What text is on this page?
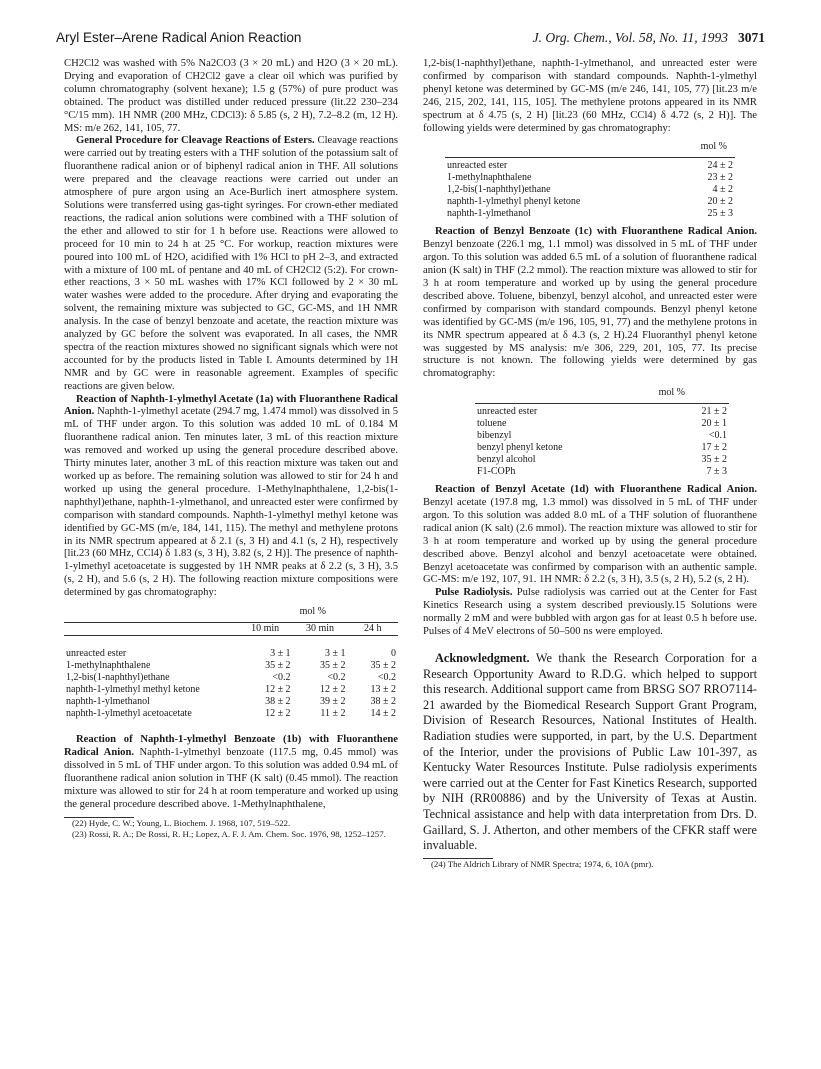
Aryl Ester–Arene Radical Anion Reaction	J. Org. Chem., Vol. 58, No. 11, 1993 3071

CH2Cl2 was washed with 5% Na2CO3 (3 × 20 mL) and H2O (3 × 20 mL). Drying and evaporation of CH2Cl2 gave a clear oil which was purified by column chromatography (solvent hexane); 1.5 g (57%) of pure product was obtained. The product was distilled under reduced pressure (lit.22 230–234 °C/15 mm). 1H NMR (200 MHz, CDCl3): δ 5.85 (s, 2 H), 7.2–8.2 (m, 12 H). MS: m/e 262, 141, 105, 77.

General Procedure for Cleavage Reactions of Esters. Cleavage reactions were carried out by treating esters with a THF solution of the potassium salt of fluoranthene radical anion or of biphenyl radical anion in THF. All solutions were prepared and the cleavage reactions were carried out under an atmosphere of pure argon using an Ace-Burlich inert atmosphere system. Solutions were transferred using gas-tight syringes. For crown-ether mediated reactions, the radical anion solutions were combined with a THF solution of the ether and allowed to stir for 1 h before use. Reactions were allowed to proceed for 10 min to 24 h at 25 °C. For workup, reaction mixtures were poured into 100 mL of H2O, acidified with 1% HCl to pH 2–3, and extracted with a mixture of 100 mL of pentane and 40 mL of CH2Cl2 (5:2). For crown-ether reactions, 3 × 50 mL washes with 17% KCl followed by 2 × 30 mL water washes were added to the procedure. After drying and evaporating the solvent, the remaining mixture was subjected to GC, GC-MS, and 1H NMR analysis. In the case of benzyl benzoate and acetate, the reaction mixture was analyzed by GC before the solvent was evaporated. In all cases, the NMR spectra of the reaction mixtures showed no significant signals which were not accounted for by the products listed in Table I. Amounts determined by 1H NMR and by GC were in reasonable agreement. Examples of specific reactions are given below.

Reaction of Naphth-1-ylmethyl Acetate (1a) with Fluoranthene Radical Anion. Naphth-1-ylmethyl acetate (294.7 mg, 1.474 mmol) was dissolved in 5 mL of THF under argon. To this solution was added 10 mL of 0.184 M fluoranthene radical anion. Ten minutes later, 3 mL of this reaction mixture was removed and worked up using the general procedure described above. Thirty minutes later, another 3 mL of this reaction mixture was taken out and worked up as before. The remaining solution was allowed to stir for 24 h and worked up using the general procedure. 1-Methylnaphthalene, 1,2-bis(1-naphthyl)ethane, naphth-1-ylmethanol, and unreacted ester were confirmed by comparison with standard compounds. Naphth-1-ylmethyl methyl ketone was identified by GC-MS (m/e, 184, 141, 115). The methyl and methylene protons in its NMR spectrum appeared at δ 2.1 (s, 3 H) and 4.1 (s, 2 H), respectively [lit.23 (60 MHz, CCl4) δ 1.83 (s, 3 H), 3.82 (s, 2 H)]. The presence of naphth-1-ylmethyl acetoacetate is suggested by 1H NMR peaks at δ 2.2 (s, 3 H), 3.5 (s, 2 H), and 5.6 (s, 2 H). The following reaction mixture compositions were determined by gas chromatography:

mol %
	10 min	30 min	24 h

unreacted ester	3 ± 1	3 ± 1	0
1-methylnaphthalene	35 ± 2	35 ± 2	35 ± 2
1,2-bis(1-naphthyl)ethane	<0.2	<0.2	<0.2
naphth-1-ylmethyl methyl ketone	12 ± 2	12 ± 2	13 ± 2
naphth-1-ylmethanol	38 ± 2	39 ± 2	38 ± 2
naphth-1-ylmethyl acetoacetate	12 ± 2	11 ± 2	14 ± 2

Reaction of Naphth-1-ylmethyl Benzoate (1b) with Fluoranthene Radical Anion. Naphth-1-ylmethyl benzoate (117.5 mg, 0.45 mmol) was dissolved in 5 mL of THF under argon. To this solution was added 0.94 mL of fluoranthene radical anion solution in THF (K salt) (0.45 mmol). The reaction mixture was allowed to stir for 24 h at room temperature and worked up using the general procedure described above. 1-Methylnaphthalene,

(22) Hyde, C. W.; Young, L. Biochem. J. 1968, 107, 519–522.
(23) Rossi, R. A.; De Rossi, R. H.; Lopez, A. F. J. Am. Chem. Soc. 1976, 98, 1252–1257.

1,2-bis(1-naphthyl)ethane, naphth-1-ylmethanol, and unreacted ester were confirmed by comparison with standard compounds. Naphth-1-ylmethyl phenyl ketone was determined by GC-MS (m/e 246, 141, 105, 77) [lit.23 m/e 246, 215, 202, 141, 115, 105]. The methylene protons appeared in its NMR spectrum at δ 4.75 (s, 2 H) [lit.23 (60 MHz, CCl4) δ 4.72 (s, 2 H)]. The following yields were determined by gas chromatography:

mol %

unreacted ester	24 ± 2
1-methylnaphthalene	23 ± 2
1,2-bis(1-naphthyl)ethane	4 ± 2
naphth-1-ylmethyl phenyl ketone	20 ± 2
naphth-1-ylmethanol	25 ± 3

Reaction of Benzyl Benzoate (1c) with Fluoranthene Radical Anion. Benzyl benzoate (226.1 mg, 1.1 mmol) was dissolved in 5 mL of THF under argon. To this solution was added 6.5 mL of a solution of fluoranthene radical anion (K salt) in THF (2.2 mmol). The reaction mixture was allowed to stir for 3 h at room temperature and worked up by using the general procedure described above. Toluene, bibenzyl, benzyl alcohol, and unreacted ester were confirmed by comparison with standard compounds. Benzyl phenyl ketone was identified by GC-MS (m/e 196, 105, 91, 77) and the methylene protons in its NMR spectrum appeared at δ 4.3 (s, 2 H).24 Fluoranthyl phenyl ketone was suggested by MS analysis: m/e 306, 229, 201, 105, 77. Its precise structure is not known. The following yields were determined by gas chromatography:

mol %

unreacted ester	21 ± 2
toluene	20 ± 1
bibenzyl	<0.1
benzyl phenyl ketone	17 ± 2
benzyl alcohol	35 ± 2
F1-COPh	7 ± 3

Reaction of Benzyl Acetate (1d) with Fluoranthene Radical Anion. Benzyl acetate (197.8 mg, 1.3 mmol) was dissolved in 5 mL of THF under argon. To this solution was added 8.0 mL of a THF solution of fluoranthene radical anion (K salt) (2.6 mmol). The reaction mixture was allowed to stir for 3 h at room temperature and worked up by using the general procedure described above. Benzyl alcohol and benzyl acetoacetate were obtained. Benzyl acetoacetate was confirmed by comparison with an authentic sample. GC-MS: m/e 192, 107, 91. 1H NMR: δ 2.2 (s, 3 H), 3.5 (s, 2 H), 5.2 (s, 2 H).

Pulse Radiolysis. Pulse radiolysis was carried out at the Center for Fast Kinetics Research using a system described previously.15 Solutions were normally 2 mM and were bubbled with argon gas for at least 0.5 h before use. Pulses of 4 MeV electrons of 50–500 ns were employed.

Acknowledgment. We thank the Research Corporation for a Research Opportunity Award to R.D.G. which helped to support this research. Additional support came from BRSG SO7 RRO7114-21 awarded by the Biomedical Research Support Grant Program, Division of Research Resources, National Institutes of Health. Radiation studies were supported, in part, by the U.S. Department of the Interior, under the provisions of Public Law 101-397, as Kentucky Water Resources Institute. Pulse radiolysis experiments were carried out at the Center for Fast Kinetics Research, supported by NIH (RR00886) and by the University of Texas at Austin. Technical assistance and help with data interpretation from Drs. D. Gaillard, S. J. Atherton, and other members of the CFKR staff were invaluable.

(24) The Aldrich Library of NMR Spectra; 1974, 6, 10A (pmr).
